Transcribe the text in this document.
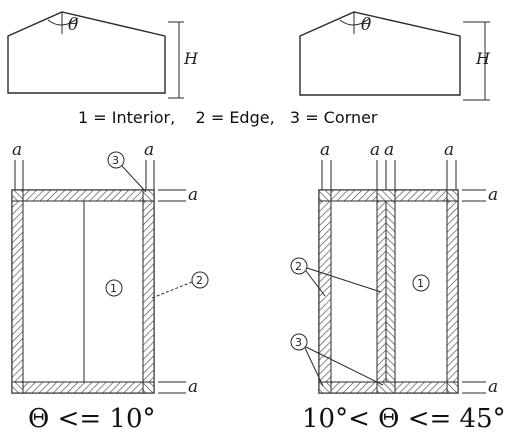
θ
H
θ
H
1 = Interior,    2 = Edge,   3 = Corner
a	a
a
a
1
2
3
Θ <= 10°
a a a	a
a
a
1
2
3
10°< Θ <= 45°
